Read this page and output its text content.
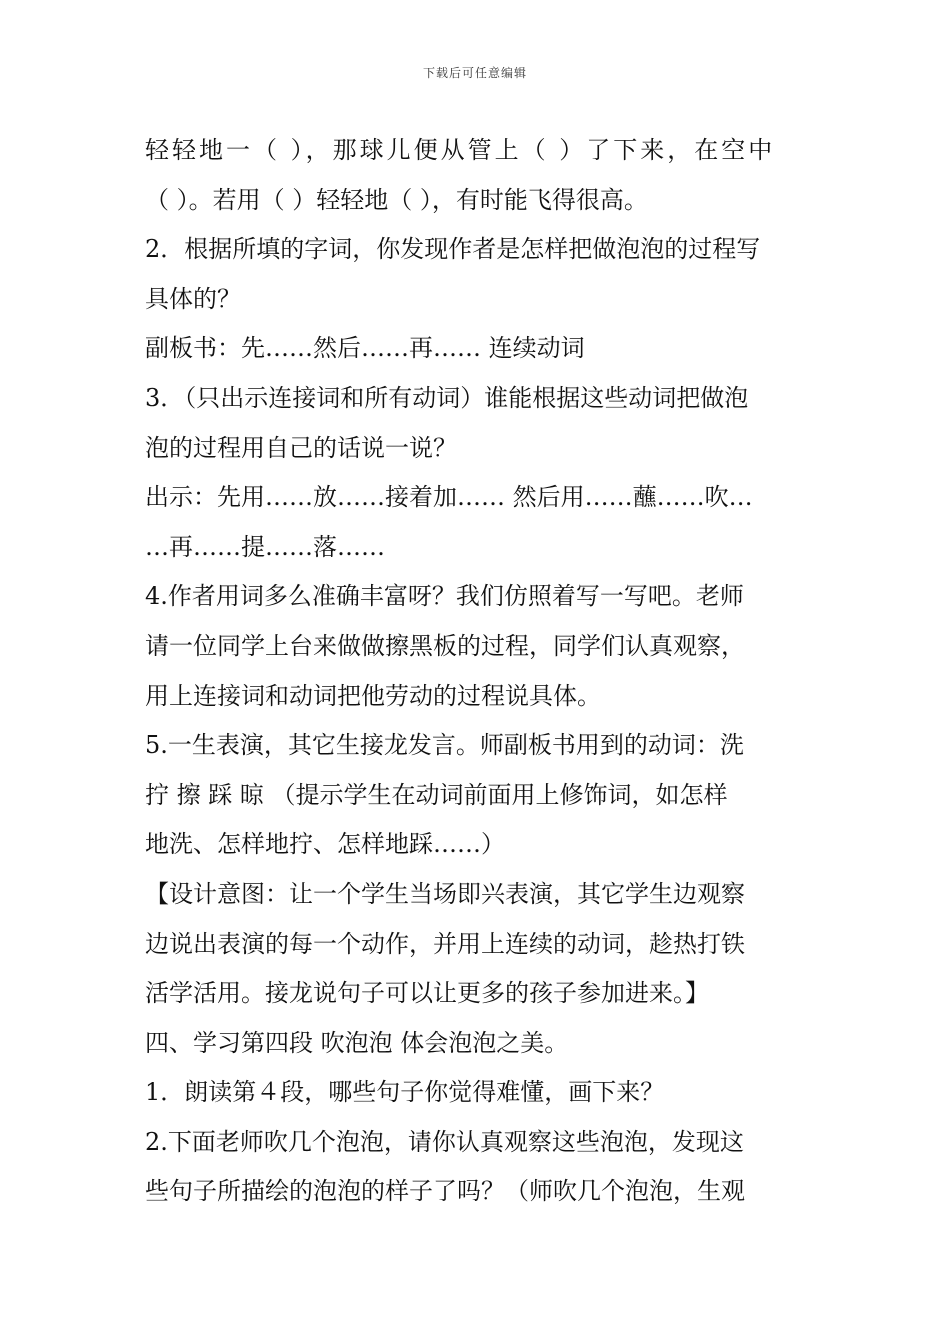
下载后可任意编辑
轻轻地一（ ），那球儿便从管上（ ）了下来，在空中
（ ）。若用（ ）轻轻地（ ），有时能飞得很高。
2．根据所填的字词，你发现作者是怎样把做泡泡的过程写
具体的？
副板书：先……然后……再…… 连续动词
3．（只出示连接词和所有动词）谁能根据这些动词把做泡
泡的过程用自己的话说一说？
出示：先用……放……接着加…… 然后用……蘸……吹…
…再……提……落……
4.作者用词多么准确丰富呀？我们仿照着写一写吧。老师
请一位同学上台来做做擦黑板的过程，同学们认真观察，
用上连接词和动词把他劳动的过程说具体。
5.一生表演，其它生接龙发言。师副板书用到的动词：洗
拧 擦 踩 晾 （提示学生在动词前面用上修饰词，如怎样
地洗、怎样地拧、怎样地踩……）
【设计意图：让一个学生当场即兴表演，其它学生边观察
边说出表演的每一个动作，并用上连续的动词，趁热打铁
活学活用。接龙说句子可以让更多的孩子参加进来。】
四、学习第四段 吹泡泡 体会泡泡之美。
1．朗读第４段，哪些句子你觉得难懂，画下来？
2.下面老师吹几个泡泡，请你认真观察这些泡泡，发现这
些句子所描绘的泡泡的样子了吗？（师吹几个泡泡，生观
